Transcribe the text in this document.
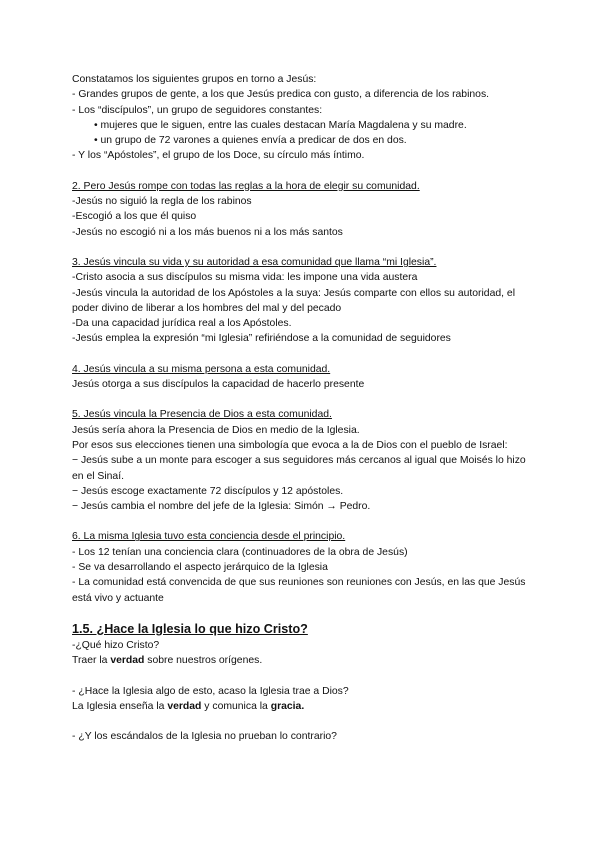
Constatamos los siguientes grupos en torno a Jesús:
- Grandes grupos de gente, a los que Jesús predica con gusto, a diferencia de los rabinos.
- Los “discípulos”, un grupo de seguidores constantes:
• mujeres que le siguen, entre las cuales destacan María Magdalena y su madre.
• un grupo de 72 varones a quienes envía a predicar de dos en dos.
- Y los “Apóstoles”, el grupo de los Doce, su círculo más íntimo.
2. Pero Jesús rompe con todas las reglas a la hora de elegir su comunidad.
-Jesús no siguió la regla de los rabinos
-Escogió a los que él quiso
-Jesús no escogió ni a los más buenos ni a los más santos
3. Jesús vincula su vida y su autoridad a esa comunidad que llama “mi Iglesia”.
-Cristo asocia a sus discípulos su misma vida: les impone una vida austera
-Jesús vincula la autoridad de los Apóstoles a la suya: Jesús comparte con ellos su autoridad, el poder divino de liberar a los hombres del mal y del pecado
-Da una capacidad jurídica real a los Apóstoles.
-Jesús emplea la expresión “mi Iglesia” refiriéndose a la comunidad de seguidores
4. Jesús vincula a su misma persona a esta comunidad.
Jesús otorga a sus discípulos la capacidad de hacerlo presente
5. Jesús vincula la Presencia de Dios a esta comunidad.
Jesús sería ahora la Presencia de Dios en medio de la Iglesia.
Por esos sus elecciones tienen una simbología que evoca a la de Dios con el pueblo de Israel:
− Jesús sube a un monte para escoger a sus seguidores más cercanos al igual que Moisés lo hizo en el Sinaí.
− Jesús escoge exactamente 72 discípulos y 12 apóstoles.
− Jesús cambia el nombre del jefe de la Iglesia: Simón → Pedro.
6. La misma Iglesia tuvo esta conciencia desde el principio.
- Los 12 tenían una conciencia clara (continuadores de la obra de Jesús)
- Se va desarrollando el aspecto jerárquico de la Iglesia
- La comunidad está convencida de que sus reuniones son reuniones con Jesús, en las que Jesús está vivo y actuante
1.5. ¿Hace la Iglesia lo que hizo Cristo?
-¿Qué hizo Cristo?
Traer la verdad sobre nuestros orígenes.
- ¿Hace la Iglesia algo de esto, acaso la Iglesia trae a Dios?
La Iglesia enseña la verdad y comunica la gracia.
- ¿Y los escándalos de la Iglesia no prueban lo contrario?
